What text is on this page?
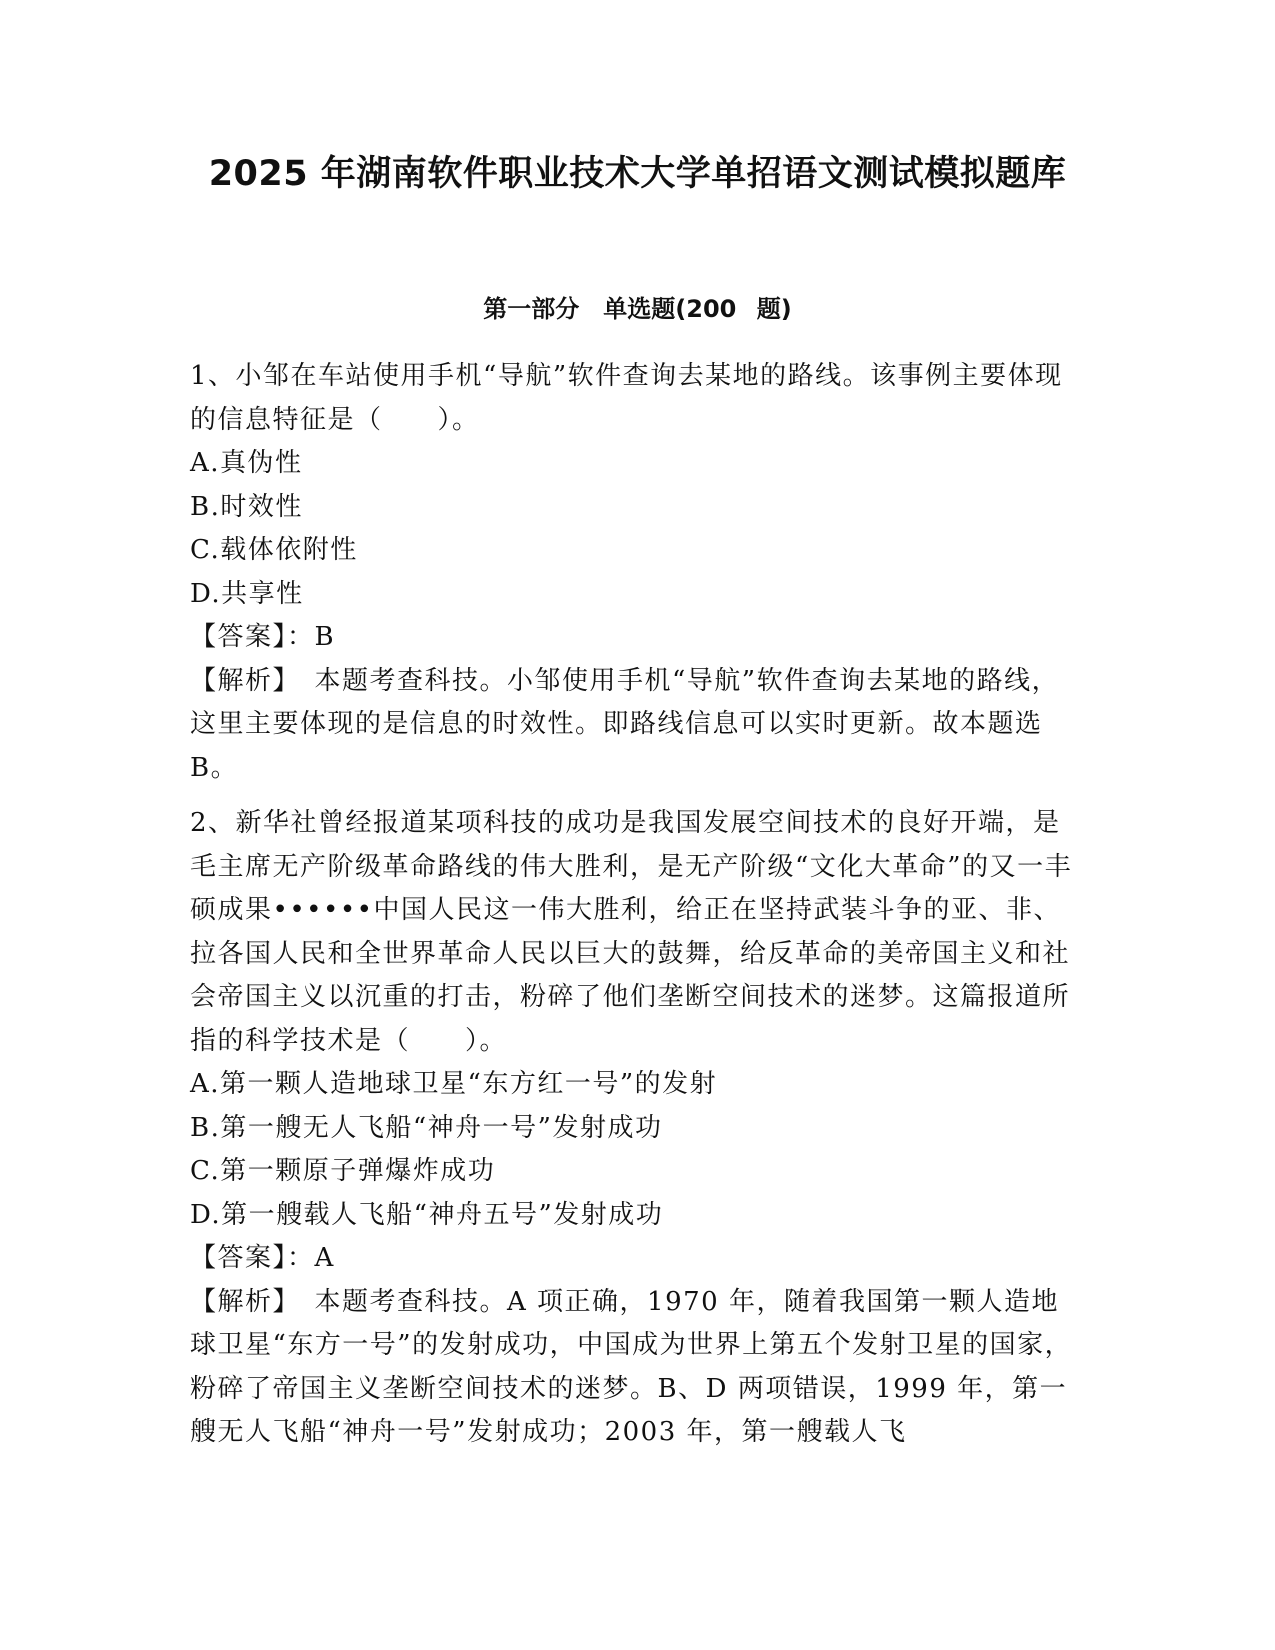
2025 年湖南软件职业技术大学单招语文测试模拟题库
第一部分　单选题(200 题)
1、小邹在车站使用手机“导航”软件查询去某地的路线。该事例主要体现的信息特征是（　　）。
A.真伪性
B.时效性
C.载体依附性
D.共享性
【答案】：B
【解析】　本题考查科技。小邹使用手机“导航”软件查询去某地的路线，这里主要体现的是信息的时效性。即路线信息可以实时更新。故本题选 B。
2、新华社曾经报道某项科技的成功是我国发展空间技术的良好开端，是毛主席无产阶级革命路线的伟大胜利，是无产阶级“文化大革命”的又一丰硕成果••••••中国人民这一伟大胜利，给正在坚持武装斗争的亚、非、拉各国人民和全世界革命人民以巨大的鼓舞，给反革命的美帝国主义和社会帝国主义以沉重的打击，粉碎了他们垄断空间技术的迷梦。这篇报道所指的科学技术是（　　）。
A.第一颗人造地球卫星“东方红一号”的发射
B.第一艘无人飞船“神舟一号”发射成功
C.第一颗原子弹爆炸成功
D.第一艘载人飞船“神舟五号”发射成功
【答案】：A
【解析】　本题考查科技。A 项正确，1970 年，随着我国第一颗人造地球卫星“东方一号”的发射成功，中国成为世界上第五个发射卫星的国家，粉碎了帝国主义垄断空间技术的迷梦。B、D 两项错误，1999 年，第一艘无人飞船“神舟一号”发射成功；2003 年，第一艘载人飞
